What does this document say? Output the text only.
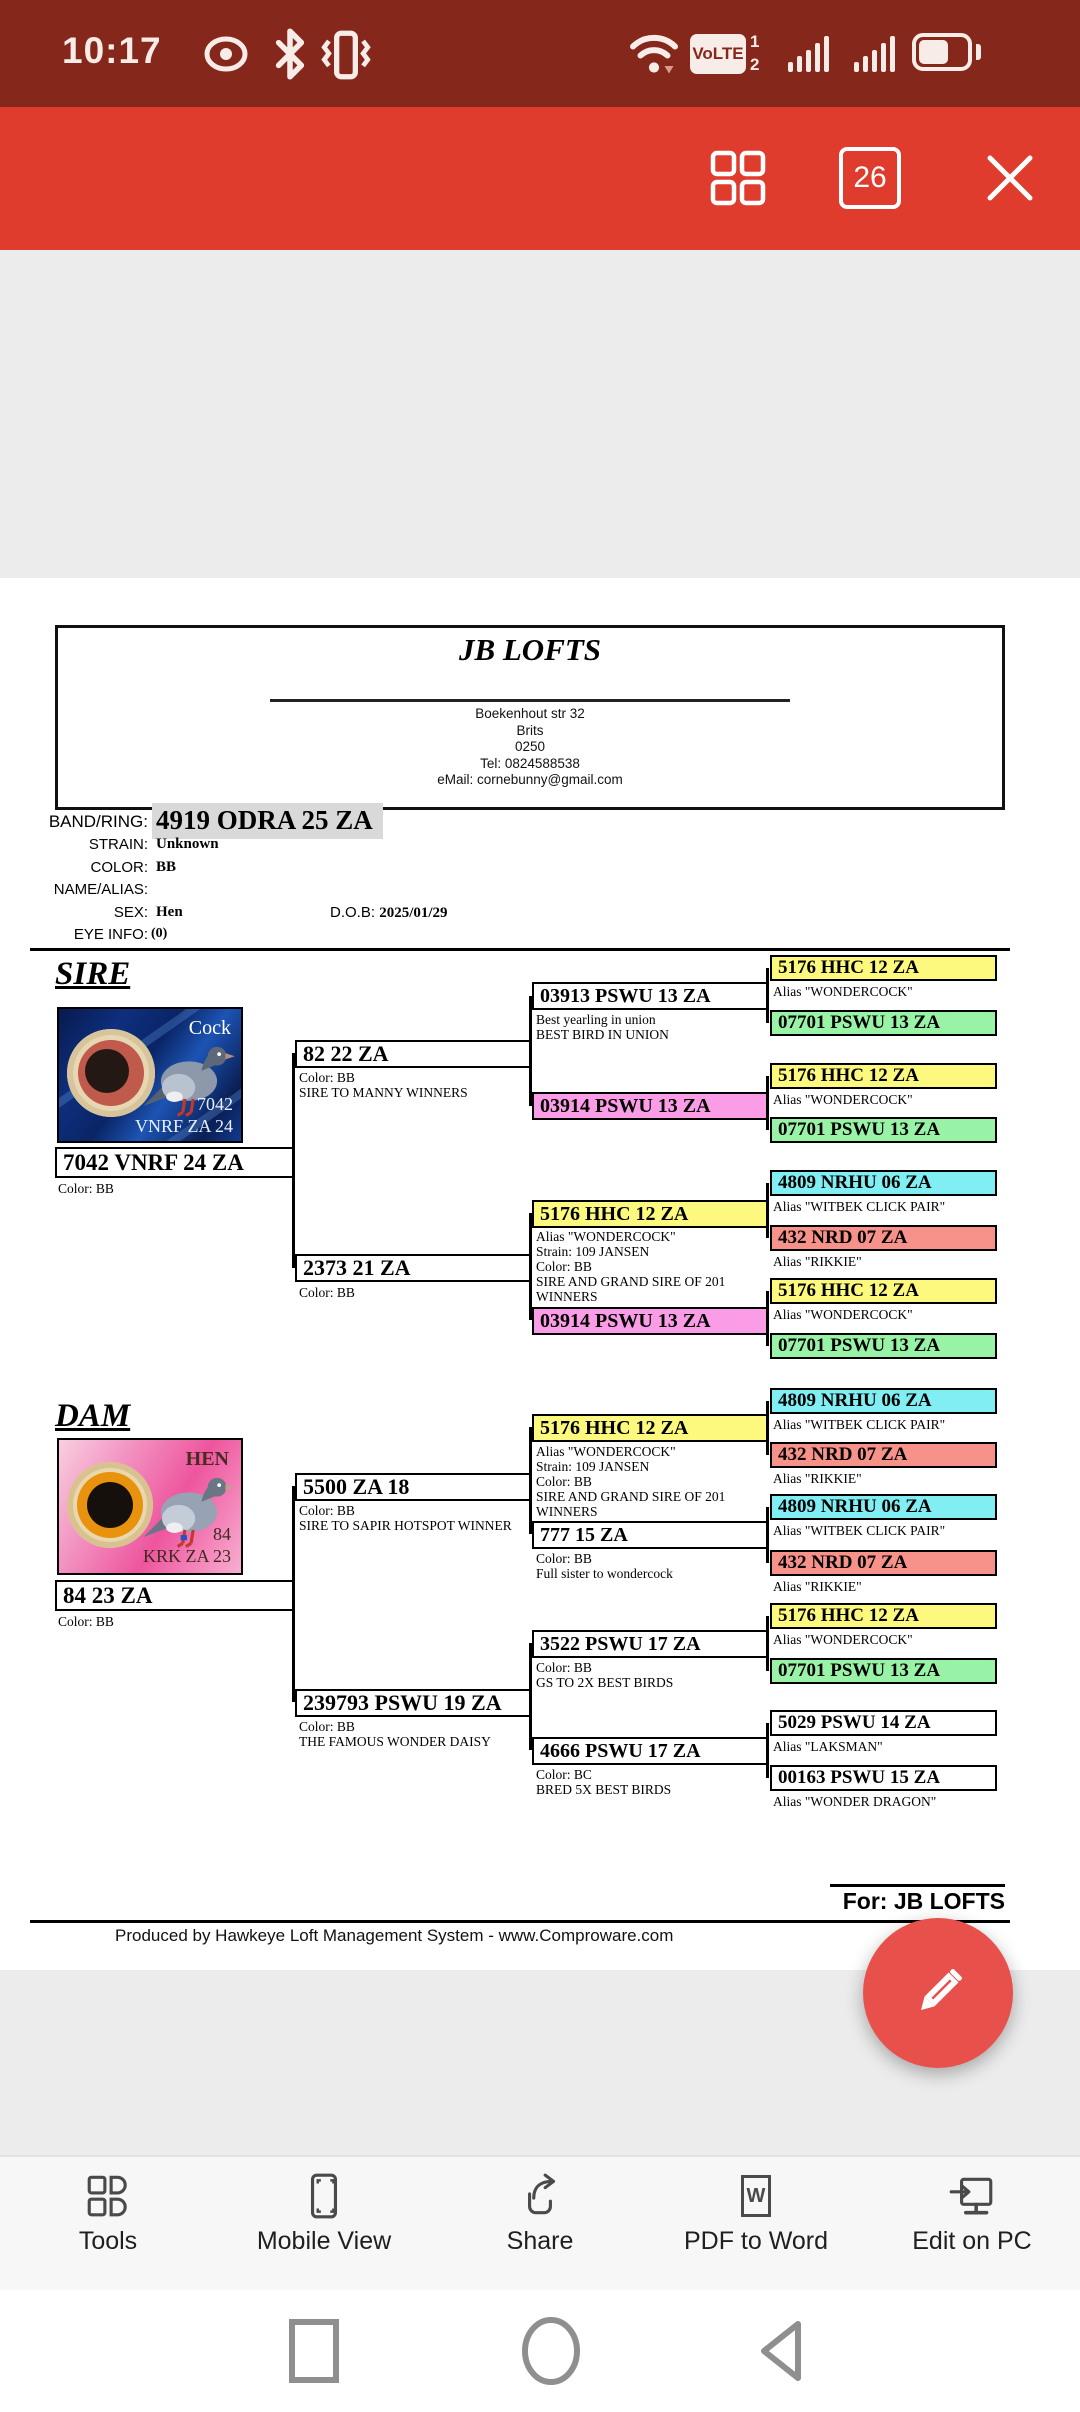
10:17	VoLTE
1
2
26
JB LOFTS
Boekenhout str 32
Brits
0250
Tel: 0824588538
eMail: cornebunny@gmail.com
BAND/RING: 4919 ODRA 25 ZA
STRAIN: Unknown
COLOR: BB
NAME/ALIAS:
SEX: Hen	D.O.B: 2025/01/29
EYE INFO: (0)
SIRE
Cock
7042
VNRF ZA 24
7042 VNRF 24 ZA
Color: BB
82 22 ZA
Color: BB
SIRE TO MANNY WINNERS
2373 21 ZA
Color: BB
03913 PSWU 13 ZA
Best yearling in union
BEST BIRD IN UNION
03914 PSWU 13 ZA
5176 HHC 12 ZA
Alias "WONDERCOCK"
Strain: 109 JANSEN
Color: BB
SIRE AND GRAND SIRE OF 201
WINNERS
03914 PSWU 13 ZA
5176 HHC 12 ZA
Alias "WONDERCOCK"
07701 PSWU 13 ZA
5176 HHC 12 ZA
Alias "WONDERCOCK"
07701 PSWU 13 ZA
4809 NRHU 06 ZA
Alias "WITBEK CLICK PAIR"
432 NRD 07 ZA
Alias "RIKKIE"
5176 HHC 12 ZA
Alias "WONDERCOCK"
07701 PSWU 13 ZA
DAM
HEN
84
KRK ZA 23
84 23 ZA
Color: BB
5500 ZA 18
Color: BB
SIRE TO SAPIR HOTSPOT WINNER
239793 PSWU 19 ZA
Color: BB
THE FAMOUS WONDER DAISY
5176 HHC 12 ZA
Alias "WONDERCOCK"
Strain: 109 JANSEN
Color: BB
SIRE AND GRAND SIRE OF 201
WINNERS
777 15 ZA
Color: BB
Full sister to wondercock
3522 PSWU 17 ZA
Color: BB
GS TO 2X BEST BIRDS
4666 PSWU 17 ZA
Color: BC
BRED 5X BEST BIRDS
4809 NRHU 06 ZA
Alias "WITBEK CLICK PAIR"
432 NRD 07 ZA
Alias "RIKKIE"
4809 NRHU 06 ZA
Alias "WITBEK CLICK PAIR"
432 NRD 07 ZA
Alias "RIKKIE"
5176 HHC 12 ZA
Alias "WONDERCOCK"
07701 PSWU 13 ZA
5029 PSWU 14 ZA
Alias "LAKSMAN"
00163 PSWU 15 ZA
Alias "WONDER DRAGON"
For: JB LOFTS
Produced by Hawkeye Loft Management System - www.Comproware.com
Tools	Mobile View	Share
W
PDF to Word	Edit on PC
